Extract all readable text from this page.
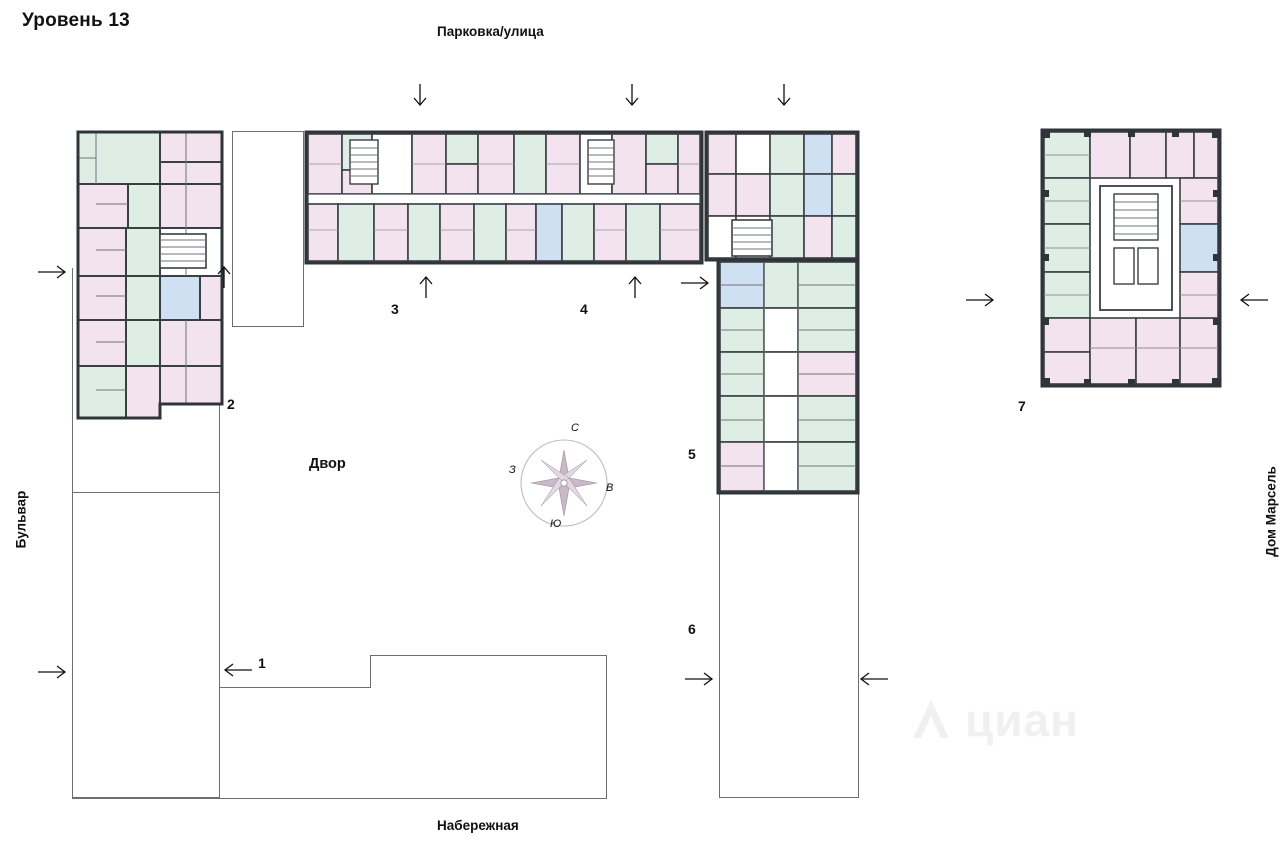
Уровень 13
Парковка/улица
Набережная
Бульвар	Дом Марсель
Двор
1
2
3	4
5
6
7
С
Ю
В
З
циан
